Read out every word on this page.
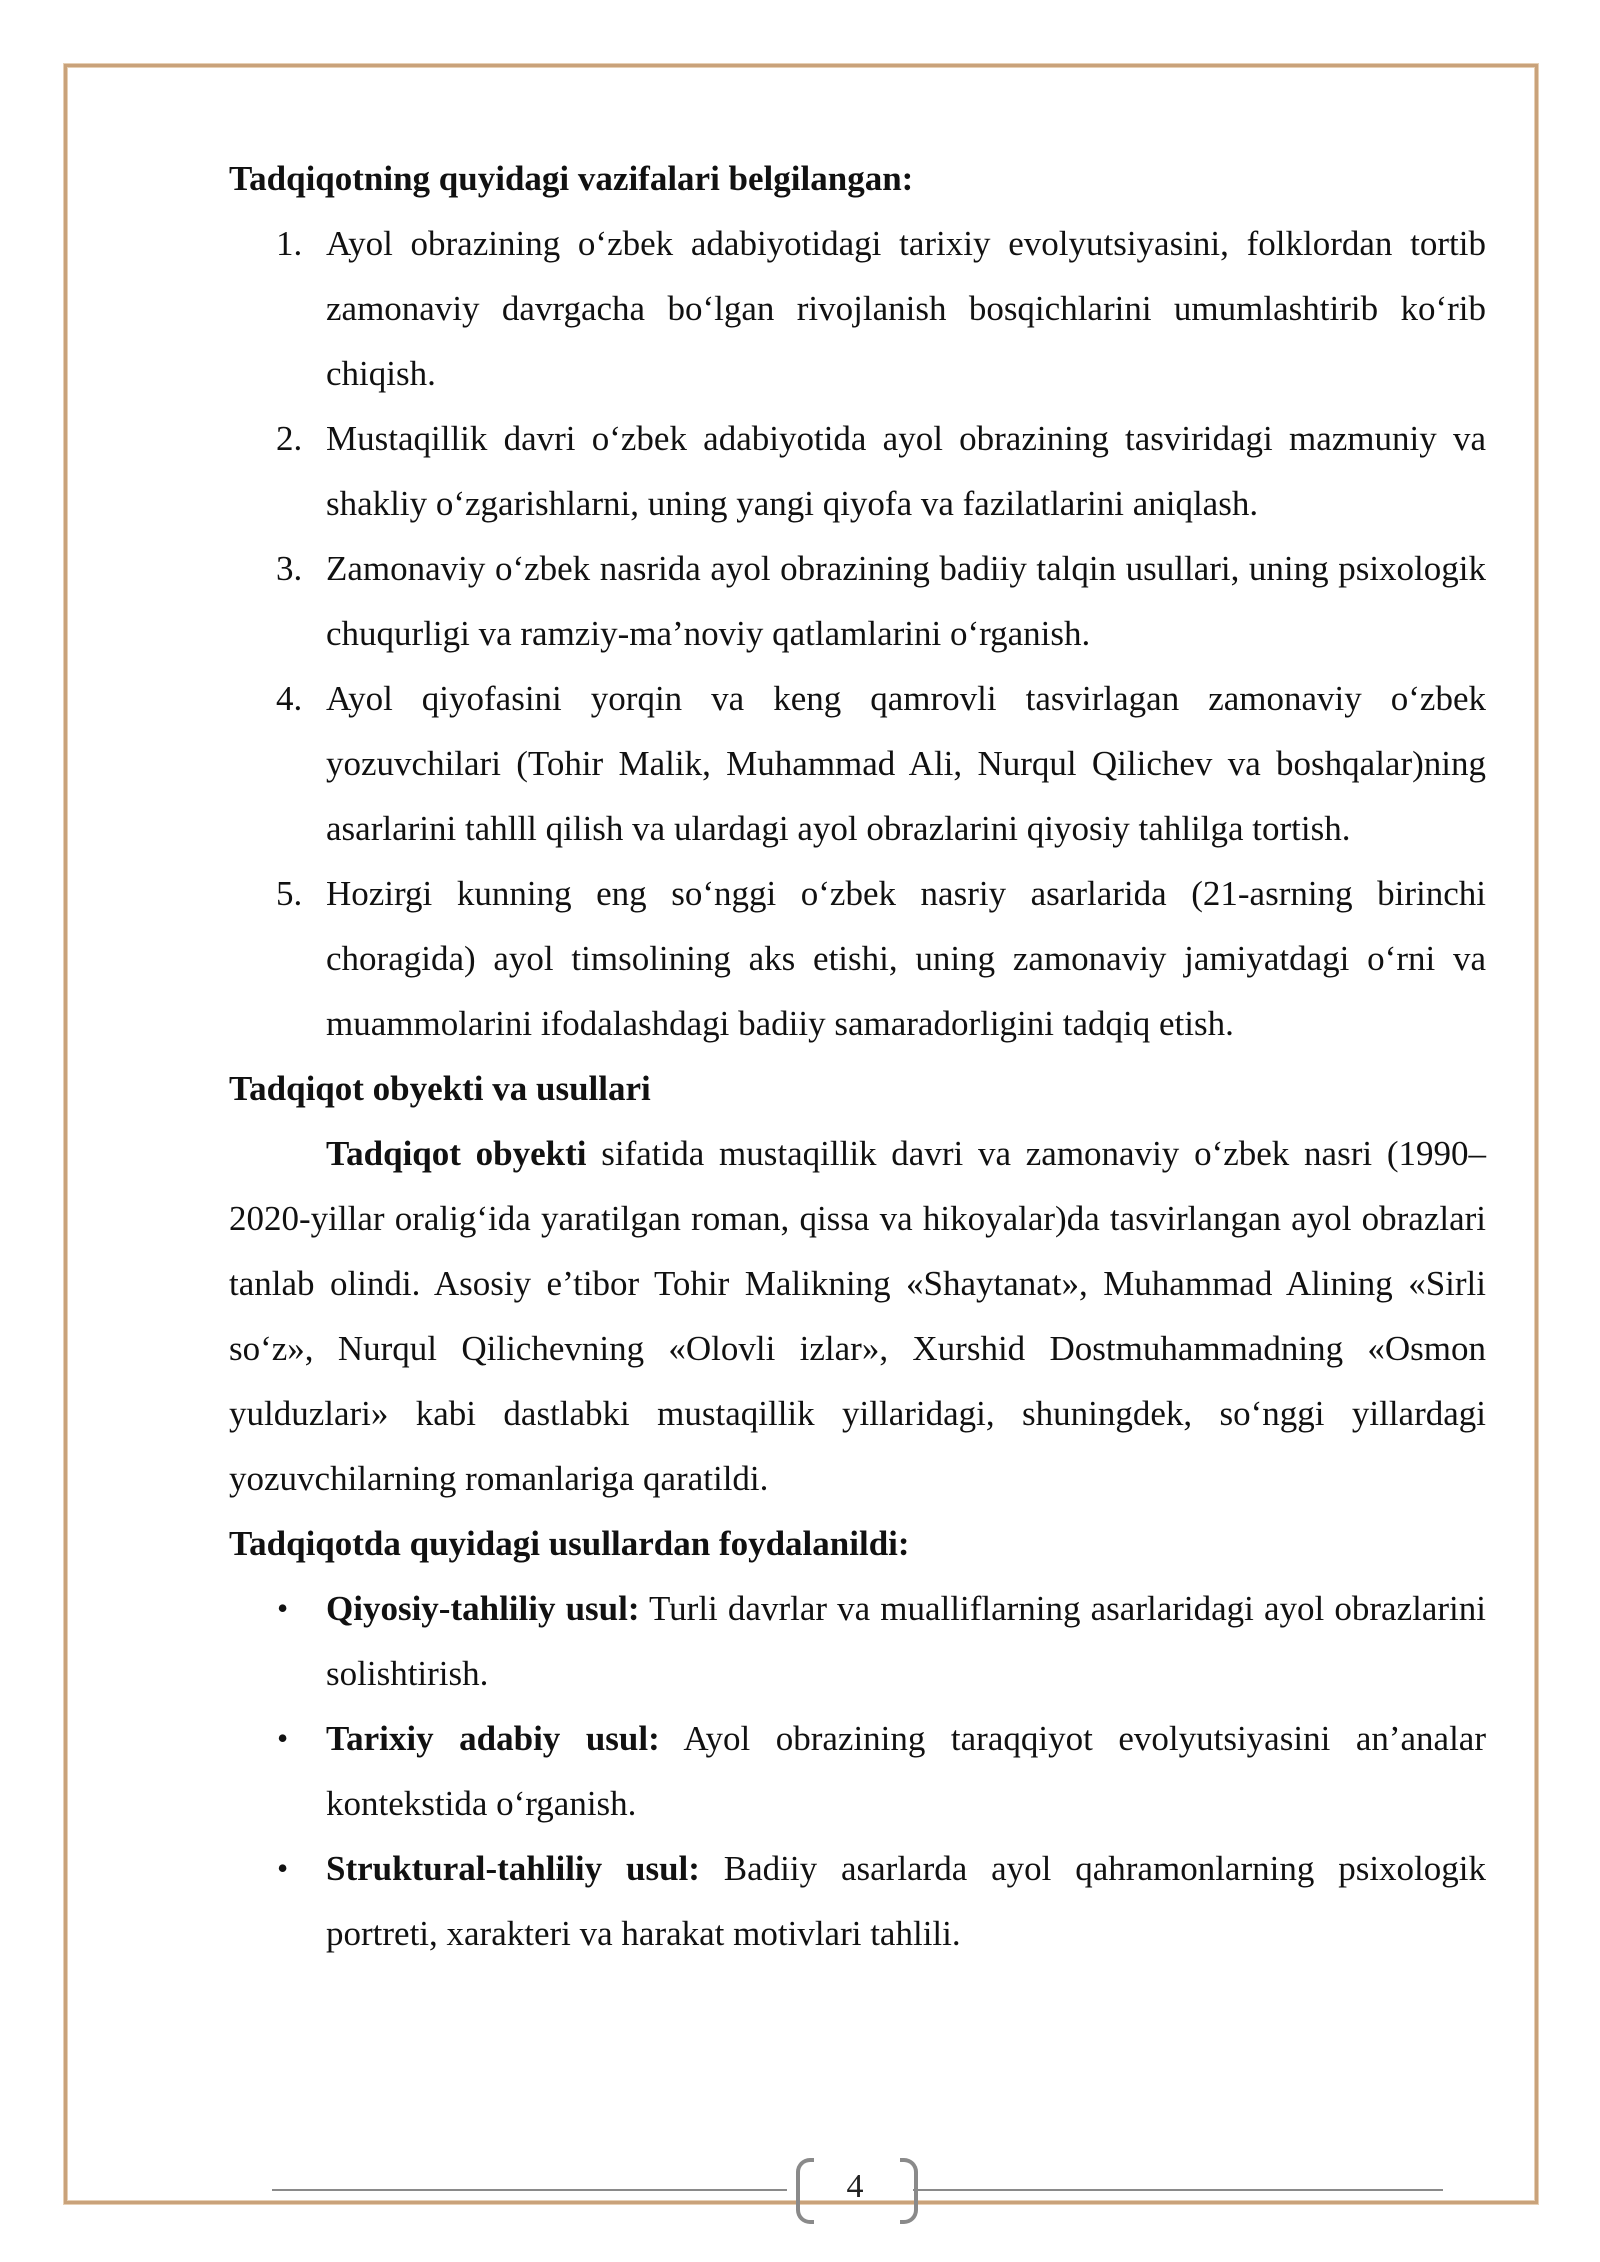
Tadqiqotning quyidagi vazifalari belgilangan:

1. Ayol obrazining o‘zbek adabiyotidagi tarixiy evolyutsiyasini, folklordan tortib zamonaviy davrgacha bo‘lgan rivojlanish bosqichlarini umumlashtirib ko‘rib chiqish.
2. Mustaqillik davri o‘zbek adabiyotida ayol obrazining tasviridagi mazmuniy va shakliy o‘zgarishlarni, uning yangi qiyofa va fazilatlarini aniqlash.
3. Zamonaviy o‘zbek nasrida ayol obrazining badiiy talqin usullari, uning psixologik chuqurligi va ramziy-ma’noviy qatlamlarini o‘rganish.
4. Ayol qiyofasini yorqin va keng qamrovli tasvirlagan zamonaviy o‘zbek yozuvchilari (Tohir Malik, Muhammad Ali, Nurqul Qilichev va boshqalar)ning asarlarini tahlll qilish va ulardagi ayol obrazlarini qiyosiy tahlilga tortish.
5. Hozirgi kunning eng so‘nggi o‘zbek nasriy asarlarida (21-asrning birinchi choragida) ayol timsolining aks etishi, uning zamonaviy jamiyatdagi o‘rni va muammolarini ifodalashdagi badiiy samaradorligini tadqiq etish.

Tadqiqot obyekti va usullari

Tadqiqot obyekti sifatida mustaqillik davri va zamonaviy o‘zbek nasri (1990–2020-yillar oralig‘ida yaratilgan roman, qissa va hikoyalar)da tasvirlangan ayol obrazlari tanlab olindi. Asosiy e’tibor Tohir Malikning «Shaytanat», Muhammad Alining «Sirli so‘z», Nurqul Qilichevning «Olovli izlar», Xurshid Dostmuhammadning «Osmon yulduzlari» kabi dastlabki mustaqillik yillaridagi, shuningdek, so‘nggi yillardagi yozuvchilarning romanlariga qaratildi.

Tadqiqotda quyidagi usullardan foydalanildi:

• Qiyosiy-tahliliy usul: Turli davrlar va mualliflarning asarlaridagi ayol obrazlarini solishtirish.
• Tarixiy adabiy usul: Ayol obrazining taraqqiyot evolyutsiyasini an’analar kontekstida o‘rganish.
• Struktural-tahliliy usul: Badiiy asarlarda ayol qahramonlarning psixologik portreti, xarakteri va harakat motivlari tahlili.
4
